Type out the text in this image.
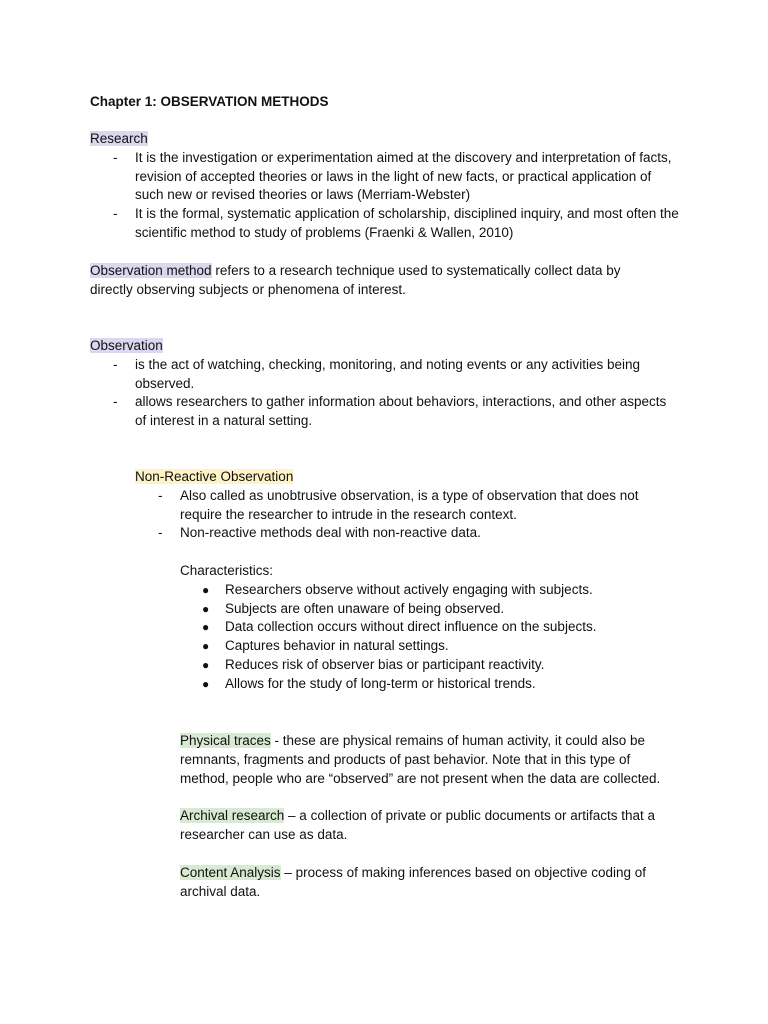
Chapter 1: OBSERVATION METHODS
Research
- It is the investigation or experimentation aimed at the discovery and interpretation of facts, revision of accepted theories or laws in the light of new facts, or practical application of such new or revised theories or laws (Merriam-Webster)
- It is the formal, systematic application of scholarship, disciplined inquiry, and most often the scientific method to study of problems (Fraenki & Wallen, 2010)

Observation method refers to a research technique used to systematically collect data by directly observing subjects or phenomena of interest.

Observation
- is the act of watching, checking, monitoring, and noting events or any activities being observed.
- allows researchers to gather information about behaviors, interactions, and other aspects of interest in a natural setting.
Non-Reactive Observation
- Also called as unobtrusive observation, is a type of observation that does not require the researcher to intrude in the research context.
- Non-reactive methods deal with non-reactive data.
Characteristics:
● Researchers observe without actively engaging with subjects.
● Subjects are often unaware of being observed.
● Data collection occurs without direct influence on the subjects.
● Captures behavior in natural settings.
● Reduces risk of observer bias or participant reactivity.
● Allows for the study of long-term or historical trends.

Physical traces - these are physical remains of human activity, it could also be remnants, fragments and products of past behavior. Note that in this type of method, people who are “observed” are not present when the data are collected.

Archival research – a collection of private or public documents or artifacts that a researcher can use as data.

Content Analysis – process of making inferences based on objective coding of archival data.
